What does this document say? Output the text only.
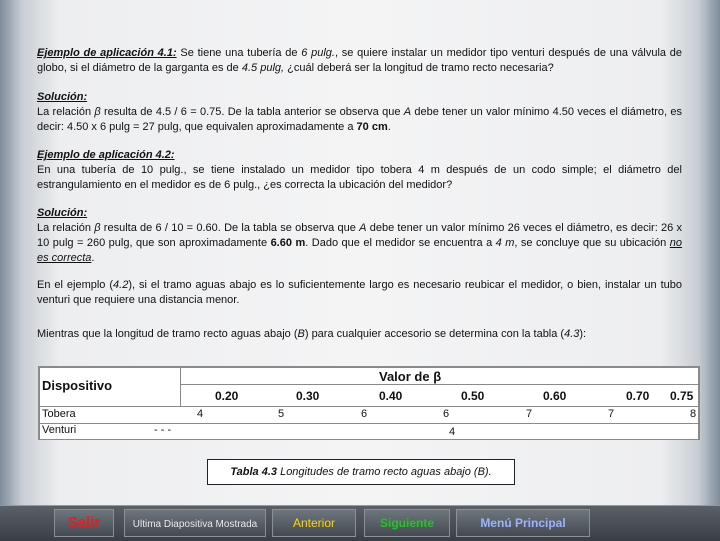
Ejemplo de aplicación 4.1: Se tiene una tubería de 6 pulg., se quiere instalar un medidor tipo venturi después de una válvula de globo, si el diámetro de la garganta es de 4.5 pulg, ¿cuál deberá ser la longitud de tramo recto necesaria?
Solución:
La relación β resulta de 4.5 / 6 = 0.75. De la tabla anterior se observa que A debe tener un valor mínimo 4.50 veces el diámetro, es decir: 4.50 x 6 pulg = 27 pulg, que equivalen aproximadamente a 70 cm.
Ejemplo de aplicación 4.2:
En una tubería de 10 pulg., se tiene instalado un medidor tipo tobera 4 m después de un codo simple; el diámetro del estrangulamiento en el medidor es de 6 pulg., ¿es correcta la ubicación del medidor?
Solución:
La relación β resulta de 6 / 10 = 0.60. De la tabla se observa que A debe tener un valor mínimo 26 veces el diámetro, es decir: 26 x 10 pulg = 260 pulg, que son aproximadamente 6.60 m. Dado que el medidor se encuentra a 4 m, se concluye que su ubicación no es correcta.
En el ejemplo (4.2), si el tramo aguas abajo es lo suficientemente largo es necesario reubicar el medidor, o bien, instalar un tubo venturi que requiere una distancia menor.
Mientras que la longitud de tramo recto aguas abajo (B) para cualquier accesorio se determina con la tabla (4.3):
Dispositivo
Valor de β
0.20	0.30	0.40	0.50	0.60	0.70 0.75
Tobera	4	5	6	6	7	7	8
Venturi	- - -	4
Tabla 4.3 Longitudes de tramo recto aguas abajo (B).
Salir	Ultima Diapositiva Mostrada	Anterior	Siguiente	Menú Principal
